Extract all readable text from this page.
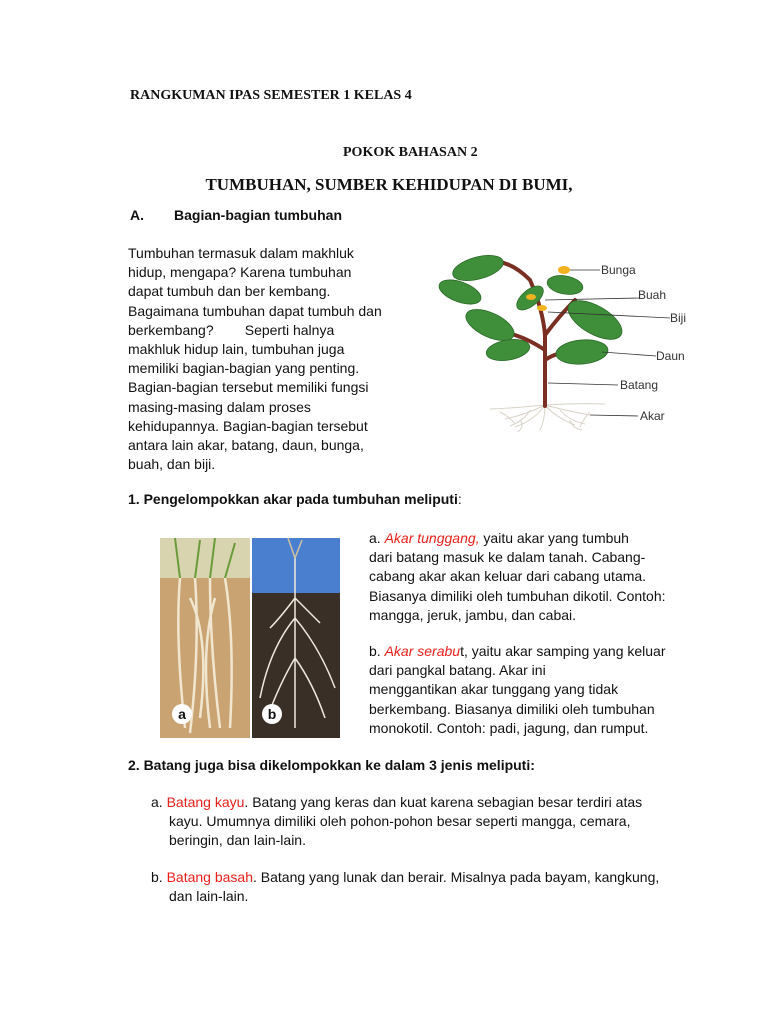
RANGKUMAN IPAS SEMESTER 1 KELAS 4
POKOK BAHASAN 2
TUMBUHAN, SUMBER KEHIDUPAN DI BUMI,
A. Bagian-bagian tumbuhan

Tumbuhan termasuk dalam makhluk

hidup, mengapa? Karena tumbuhan

dapat tumbuh dan ber kembang.

Bagaimana tumbuhan dapat tumbuh dan

berkembang?        Seperti halnya

makhluk hidup lain, tumbuhan juga

memiliki bagian-bagian yang penting.

Bagian-bagian tersebut memiliki fungsi

masing-masing dalam proses

kehidupannya. Bagian-bagian tersebut

antara lain akar, batang, daun, bunga,

buah, dan biji.

Bunga
Buah
Biji
Daun
Batang
Akar
1. Pengelompokkan akar pada tumbuhan meliputi:
a	b
a. Akar tunggang, yaitu akar yang tumbuh
dari batang masuk ke dalam tanah. Cabang-
cabang akar akan keluar dari cabang utama.
Biasanya dimiliki oleh tumbuhan dikotil. Contoh:
mangga, jeruk, jambu, dan cabai.
b. Akar serabut, yaitu akar samping yang keluar
dari pangkal batang. Akar ini
menggantikan akar tunggang yang tidak
berkembang. Biasanya dimiliki oleh tumbuhan
monokotil. Contoh: padi, jagung, dan rumput.
2. Batang juga bisa dikelompokkan ke dalam 3 jenis meliputi:
a. Batang kayu. Batang yang keras dan kuat karena sebagian besar terdiri atas
kayu. Umumnya dimiliki oleh pohon-pohon besar seperti mangga, cemara,
beringin, dan lain-lain.
b. Batang basah. Batang yang lunak dan berair. Misalnya pada bayam, kangkung,
dan lain-lain.
